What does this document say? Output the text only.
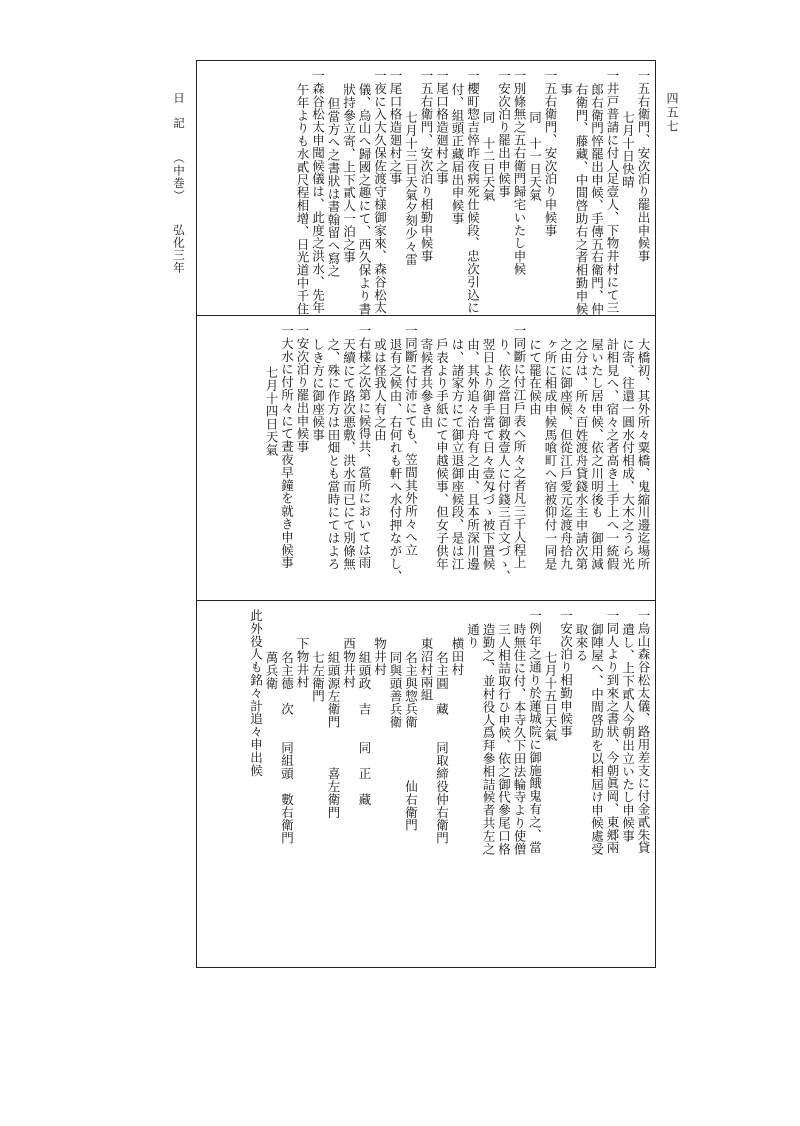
四五七
日　記
（中巻）
弘化三年	一五右衛門、安次泊り罷出申候事
七月十日快晴
一井戸普請に付人足壹人、下物井村にて三
郎右衛門悴罷出申候、手傳五右衛門、仲
右衛門、藤藏、中間啓助右之者相勤申候
事
一五右衛門、安次泊り申候事
同　十一日天氣
一別條無之五右衛門歸宅いたし申候
一安次泊り罷出申候事
同　十二日天氣
一櫻町惣吉悴昨夜病死仕候段、忠次引込に
付、組頭正藏届出申候事
一尾口格造廻村之事
一五右衛門、安次泊り相勤申候事
七月十三日天氣夕刻少々雷
一尾口格造廻村之事
一夜に入大久保佐渡守様御家來、森谷松太
儀、烏山へ歸國之趣にて、西久保より書
狀持參立寄、上下貳人一泊之事
但當方へ之書狀は書翰留へ寫之
一森谷松太申聞候儀は、此度之洪水、先年
午年よりも水貳尺程相增、日光道中千住
大橋初、其外所々粟橋、鬼縮川邊迄場所
に寄、往還一圓水付相成、大木之うら光
計相見へ、宿々之者高き土手上へ一統假
屋いたし居申候、依之川明後も　御用減
之分は、所々百姓渡舟貸錢水主申請次第
之由に御座候、但從江戶愛元迄渡舟拾九
ヶ所に相成申候馬喰町へ宿被仰付一同是
にて罷在候由
一同斷に付江戶表へ所々之者凡三千人程上
り、依之當日御救壹人に付錢三百文づゝ、
翌日より御手當て日々壹匁づゝ被下置候
由、其外追々治舟有之由、且本所深川邊
は、諸家方にて御立退御座候段、是は江
戶表より手紙にて申越候事、但女子供年
寄候者共參き由
一同斷に付沛にても、笠間其外所々へ立
退有之候由、右何れも軒へ水付押ながし、
或は怪我人有之由
一右樣之次第に候得共、當所においては雨
天續にて路次悪敷、洪水而已にて別條無
之、殊に作方は田畑とも當時にてはよろ
しき方に御座候事
一安次泊り罷出申候事
一大水に付所々にて晝夜早鐘を就き申候事
七月十四日天氣
一烏山森谷松太儀、路用差支に付金貳朱貸
遣し、上下貳人今朝出立いたし申候事
一同人より到來之書狀、今朝眞岡、東郷兩
御陣屋へ、中間啓助を以相屆け申候處受
取來る
一安次泊り相勤申候事
七月十五日天氣
一例年之通り於蓮城院に御施餓鬼有之、當
時無住に付、本寺久下田法輪寺より使僧
三人相詰取行ひ申候、依之御代參尾口格
造勤之、並村役人爲拜參相詰候者共左之
通り
横田村
名主圓　藏　　同取締役仲右衛門
東沼村兩組
名主與惣兵衛　　　　仙右衛門
同與頭善兵衛
物井村
組頭政　吉　　同　正　藏
西物井村
組頭源左衛門　　　喜左衛門
七左衛門
下物井村
名主德　次　　同組頭　數右衛門
萬兵衛
此外役人も銘々計追々申出候
